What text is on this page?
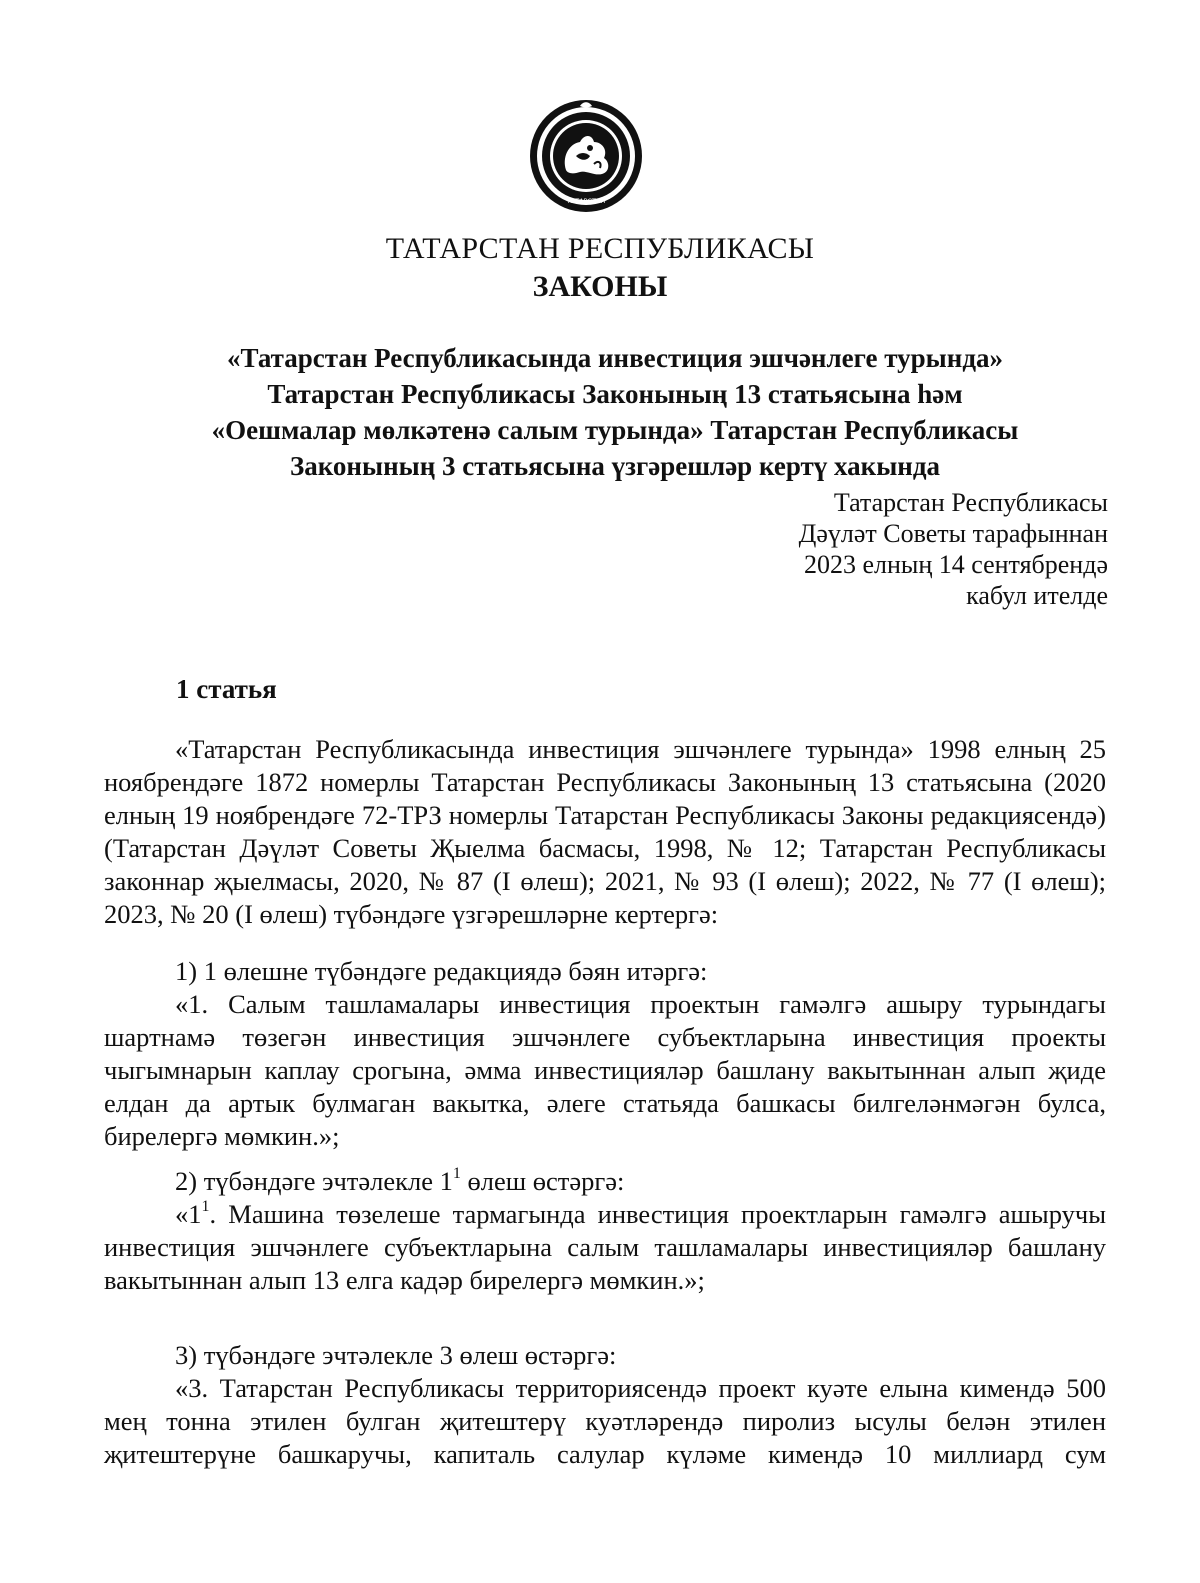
ТАТАРСТАН
ТАТАРСТАН РЕСПУБЛИКАСЫ
ЗАКОНЫ
«Татарстан Республикасында инвестиция эшчәнлеге турында»
Татарстан Республикасы Законының 13 статьясына һәм
«Оешмалар мөлкәтенә салым турында» Татарстан Республикасы
Законының 3 статьясына үзгәрешләр кертү хакында
Татарстан Республикасы
Дәүләт Советы тарафыннан
2023 елның 14 сентябрендә
кабул ителде
1 статья
«Татарстан Республикасында инвестиция эшчәнлеге турында» 1998 елның 25 ноябрендәге 1872 номерлы Татарстан Республикасы Законының 13 статьясына (2020 елның 19 ноябрендәге 72-ТРЗ номерлы Татарстан Республикасы Законы редакциясендә) (Татарстан Дәүләт Советы Җыелма басмасы, 1998, № 12; Татарстан Республикасы законнар җыелмасы, 2020, № 87 (I өлеш); 2021, № 93 (I өлеш); 2022, № 77 (I өлеш); 2023, № 20 (I өлеш) түбәндәге үзгәрешләрне кертергә:
1) 1 өлешне түбәндәге редакциядә бәян итәргә:
«1. Салым ташламалары инвестиция проектын гамәлгә ашыру турындагы шартнамә төзегән инвестиция эшчәнлеге субъектларына инвестиция проекты чыгымнарын каплау срогына, әмма инвестицияләр башлану вакытыннан алып җиде елдан да артык булмаган вакытка, әлеге статьяда башкасы билгеләнмәгән булса, бирелергә мөмкин.»;
2) түбәндәге эчтәлекле $1^1$ өлеш өстәргә:
«$1^1$. Машина төзелеше тармагында инвестиция проектларын гамәлгә ашыручы инвестиция эшчәнлеге субъектларына салым ташламалары инвестицияләр башлану вакытыннан алып 13 елга кадәр бирелергә мөмкин.»;
3) түбәндәге эчтәлекле 3 өлеш өстәргә:
«3. Татарстан Республикасы территориясендә проект куәте елына кимендә 500 мең тонна этилен булган җитештерү куәтләрендә пиролиз ысулы белән этилен җитештерүне башкаручы, капиталь салулар күләме кимендә 10 миллиард сум
